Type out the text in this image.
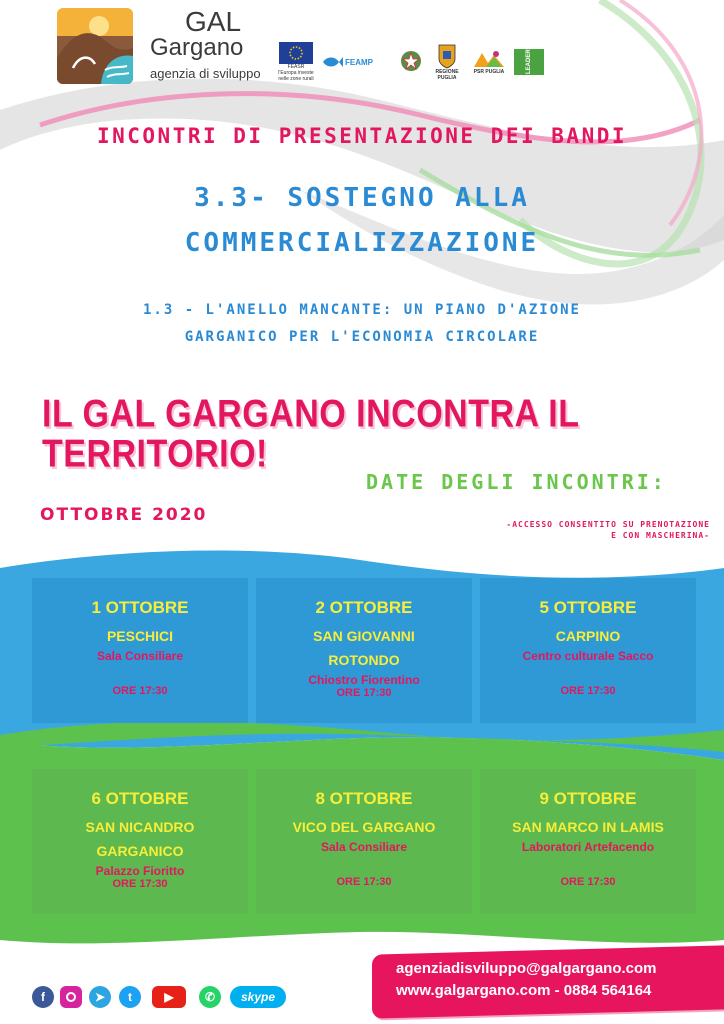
GAL
Gargano
agenzia di sviluppo	FEASR
l'Europa investe
nelle zone rurali
FEAMP
REGIONE PUGLIA
PSR PUGLIA	LEADER
INCONTRI DI PRESENTAZIONE DEI BANDI
3.3- SOSTEGNO ALLA
COMMERCIALIZZAZIONE
1.3 - L'ANELLO MANCANTE: UN PIANO D'AZIONE
GARGANICO PER L'ECONOMIA CIRCOLARE
IL GAL GARGANO INCONTRA IL
TERRITORIO!
DATE DEGLI INCONTRI:
OTTOBRE 2020	-ACCESSO CONSENTITO SU PRENOTAZIONE
E CON MASCHERINA-
1 OTTOBRE
PESCHICI
Sala Consiliare
ORE 17:30
2 OTTOBRE
SAN GIOVANNI ROTONDO
Chiostro Fiorentino
ORE 17:30
5 OTTOBRE
CARPINO
Centro culturale Sacco
ORE 17:30
6 OTTOBRE
SAN NICANDRO GARGANICO
Palazzo Fioritto
ORE 17:30
8 OTTOBRE
VICO DEL GARGANO
Sala Consiliare
ORE 17:30
9 OTTOBRE
SAN MARCO IN LAMIS
Laboratori Artefacendo
ORE 17:30
agenziadisviluppo@galgargano.com
www.galgargano.com - 0884 564164
f	➤	t	▶	✆	skype
